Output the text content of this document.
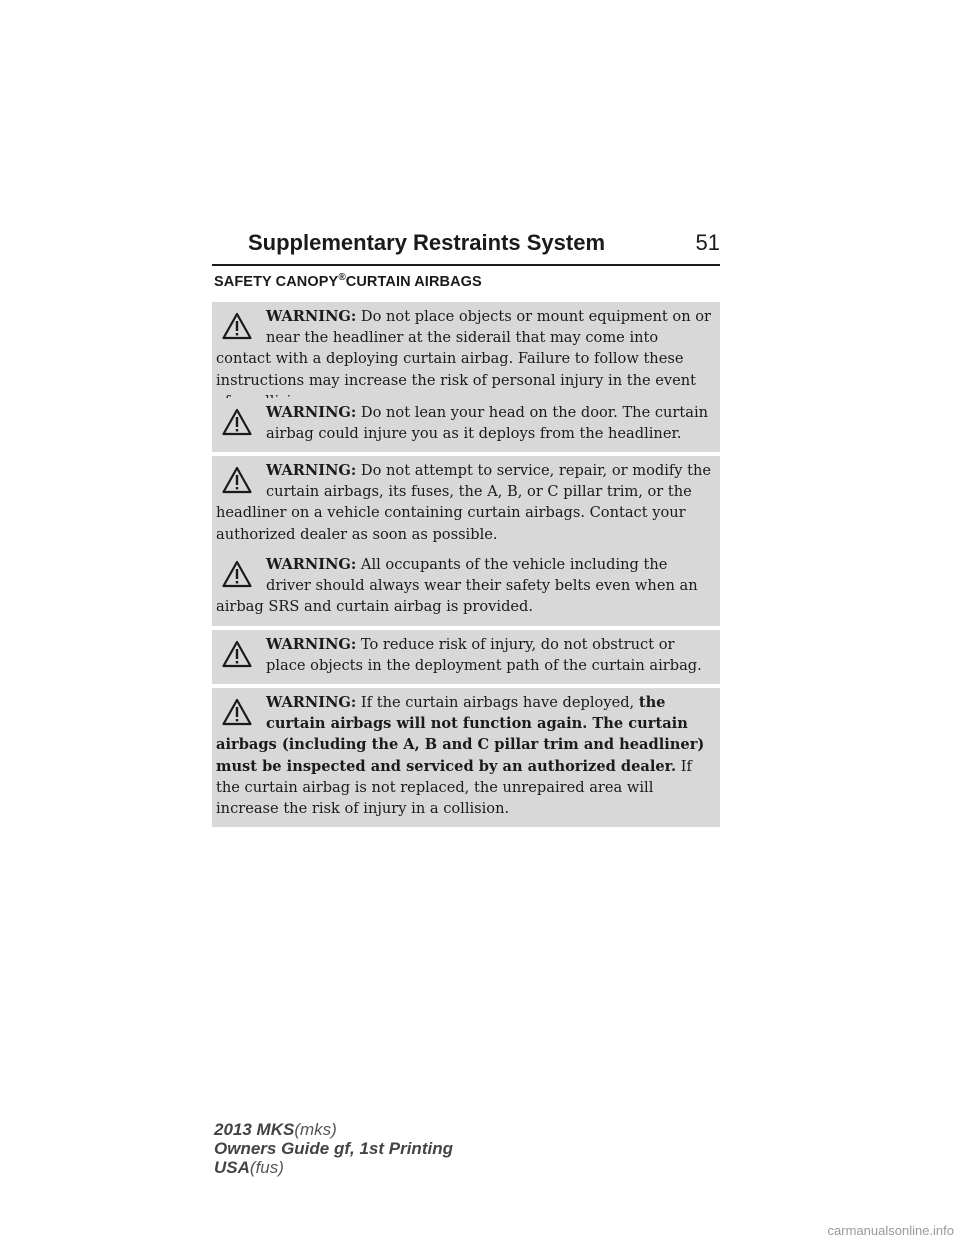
Supplementary Restraints System	51
SAFETY CANOPY®CURTAIN AIRBAGS
WARNING: Do not place objects or mount equipment on or near the headliner at the siderail that may come into contact with a deploying curtain airbag. Failure to follow these instructions may increase the risk of personal injury in the event
WARNING: Do not lean your head on the door. The curtain airbag could injure you as it deploys from the headliner.
WARNING: Do not attempt to service, repair, or modify the curtain airbags, its fuses, the A, B, or C pillar trim, or the headliner on a vehicle containing curtain airbags. Contact your authorized dealer as soon as possible.
WARNING: All occupants of the vehicle including the driver should always wear their safety belts even when an airbag SRS and curtain airbag is provided.
WARNING: To reduce risk of injury, do not obstruct or place objects in the deployment path of the curtain airbag.
WARNING: If the curtain airbags have deployed, the curtain airbags will not function again. The curtain airbags (including the A, B and C pillar trim and headliner) must be inspected and serviced by an authorized dealer. If the curtain airbag is not replaced, the unrepaired area will increase the risk of injury in a collision.
2013 MKS(mks)
Owners Guide gf, 1st Printing
USA(fus)
carmanualsonline.info
